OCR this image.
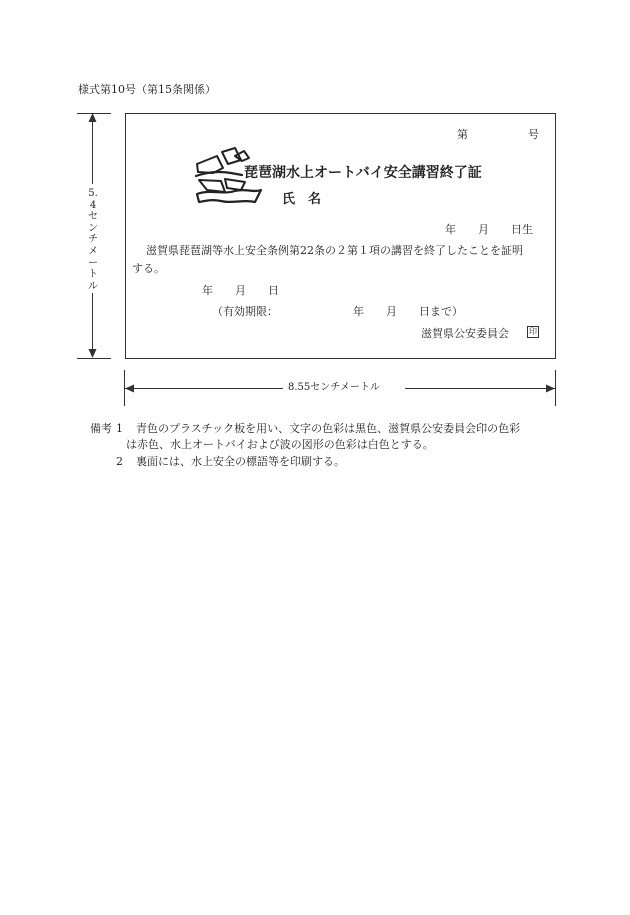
様式第10号（第15条関係）
5.4センチメートル
第	号
琵琶湖水上オートバイ安全講習終了証
氏　名
年　　月　　日生
滋賀県琵琶湖等水上安全条例第22条の２第１項の講習を終了したことを証明
する。
年　　月　　日
（有効期限：	年　　月　　日まで）
滋賀県公安委員会	印
8.55センチメートル
備考 1 青色のプラスチック板を用い、文字の色彩は黒色、滋賀県公安委員会印の色彩
は赤色、水上オートバイおよび波の図形の色彩は白色とする。
2 裏面には、水上安全の標語等を印刷する。
